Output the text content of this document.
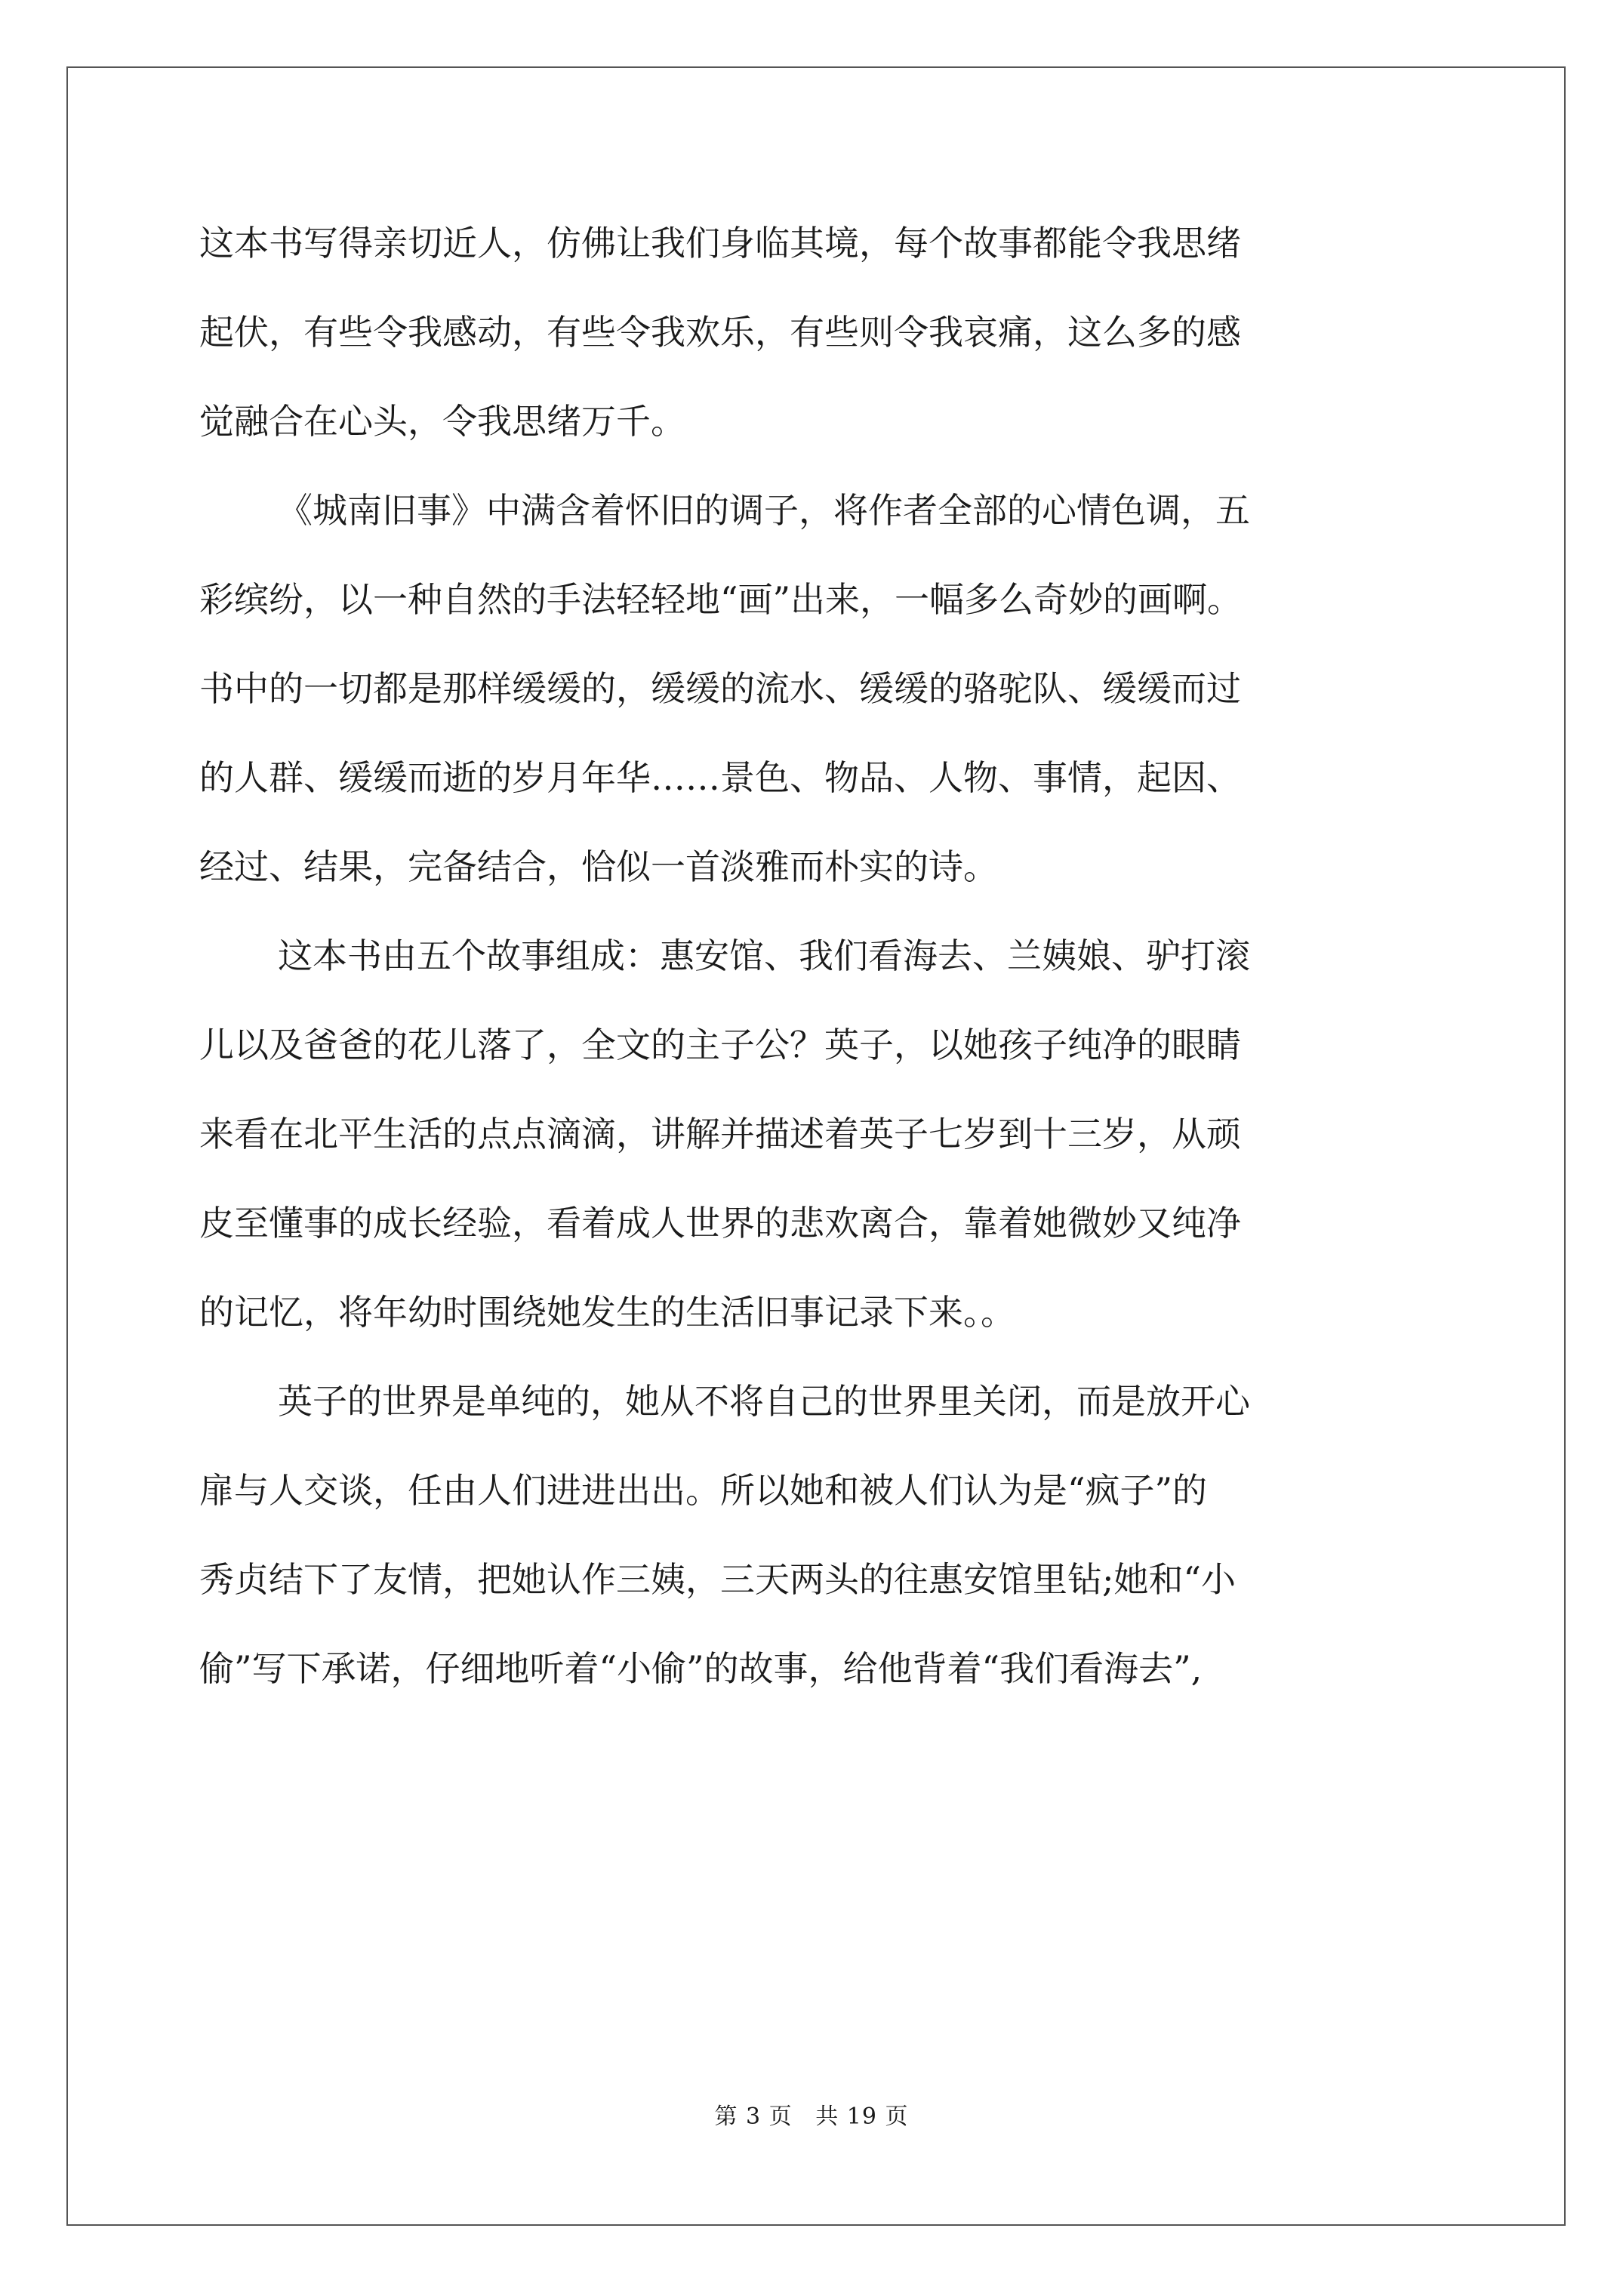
这本书写得亲切近人，仿佛让我们身临其境，每个故事都能令我思绪
起伏，有些令我感动，有些令我欢乐，有些则令我哀痛，这么多的感
觉融合在心头，令我思绪万千。
《城南旧事》中满含着怀旧的调子，将作者全部的心情色调，五
彩缤纷，以一种自然的手法轻轻地“画”出来，一幅多么奇妙的画啊。
书中的一切都是那样缓缓的，缓缓的流水、缓缓的骆驼队、缓缓而过
的人群、缓缓而逝的岁月年华……景色、物品、人物、事情，起因、
经过、结果，完备结合，恰似一首淡雅而朴实的诗。
这本书由五个故事组成：惠安馆、我们看海去、兰姨娘、驴打滚
儿以及爸爸的花儿落了，全文的主子公？英子，以她孩子纯净的眼睛
来看在北平生活的点点滴滴，讲解并描述着英子七岁到十三岁，从顽
皮至懂事的成长经验，看着成人世界的悲欢离合，靠着她微妙又纯净
的记忆，将年幼时围绕她发生的生活旧事记录下来。。
英子的世界是单纯的，她从不将自己的世界里关闭，而是放开心
扉与人交谈，任由人们进进出出。所以她和被人们认为是“疯子”的
秀贞结下了友情，把她认作三姨，三天两头的往惠安馆里钻;她和“小
偷”写下承诺，仔细地听着“小偷”的故事，给他背着“我们看海去”,
第 3 页 共 19 页
